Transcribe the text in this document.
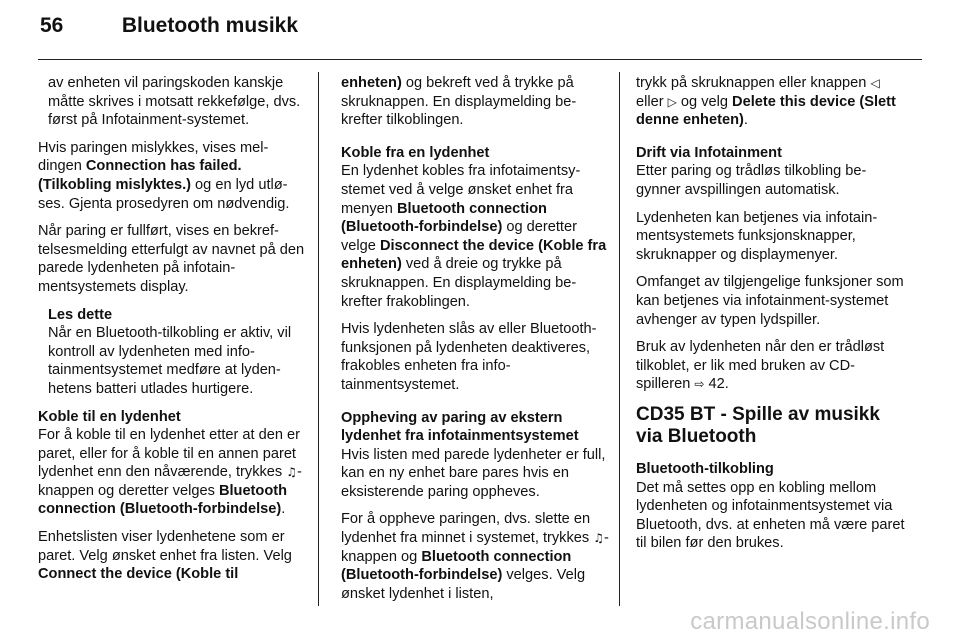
56	Bluetooth musikk

av enheten vil paringskoden kanskje måtte skrives i motsatt rekkefølge, dvs. først på Infotainment-systemet.

Hvis paringen mislykkes, vises meldingen Connection has failed. (Tilkobling mislyktes.) og en lyd utløses. Gjenta prosedyren om nødvendig.

Når paring er fullført, vises en bekreftelsesmelding etterfulgt av navnet på den parede lydenheten på infotainmentsystemets display.

Les dette

Når en Bluetooth-tilkobling er aktiv, vil kontroll av lydenheten med infotainmentsystemet medføre at lydenhetens batteri utlades hurtigere.

Koble til en lydenhet

For å koble til en lydenhet etter at den er paret, eller for å koble til en annen paret lydenhet enn den nåværende, trykkes ♫-knappen og deretter velges Bluetooth connection (Bluetooth-forbindelse).

Enhetslisten viser lydenhetene som er paret. Velg ønsket enhet fra listen. Velg Connect the device (Koble til

enheten) og bekreft ved å trykke på skruknappen. En displaymelding bekrefter tilkoblingen.

Koble fra en lydenhet

En lydenhet kobles fra infotaimentsystemet ved å velge ønsket enhet fra menyen Bluetooth connection (Bluetooth-forbindelse) og deretter velge Disconnect the device (Koble fra enheten) ved å dreie og trykke på skruknappen. En displaymelding bekrefter frakoblingen.

Hvis lydenheten slås av eller Bluetooth-funksjonen på lydenheten deaktiveres, frakobles enheten fra infotainmentsystemet.

Oppheving av paring av ekstern lydenhet fra infotainmentsystemet

Hvis listen med parede lydenheter er full, kan en ny enhet bare pares hvis en eksisterende paring oppheves.

For å oppheve paringen, dvs. slette en lydenhet fra minnet i systemet, trykkes ♫-knappen og Bluetooth connection (Bluetooth-forbindelse) velges. Velg ønsket lydenhet i listen,

trykk på skruknappen eller knappen ◁ eller ▷ og velg Delete this device (Slett denne enheten).

Drift via Infotainment

Etter paring og trådløs tilkobling begynner avspillingen automatisk.

Lydenheten kan betjenes via infotainmentsystemets funksjonsknapper, skruknapper og displaymenyer.

Omfanget av tilgjengelige funksjoner som kan betjenes via infotainment-systemet avhenger av typen lydspiller.

Bruk av lydenheten når den er trådløst tilkoblet, er lik med bruken av CD-spilleren ⇨ 42.

CD35 BT - Spille av musikk via Bluetooth

Bluetooth-tilkobling

Det må settes opp en kobling mellom lydenheten og infotainmentsystemet via Bluetooth, dvs. at enheten må være paret til bilen før den brukes.

carmanualsonline.info
